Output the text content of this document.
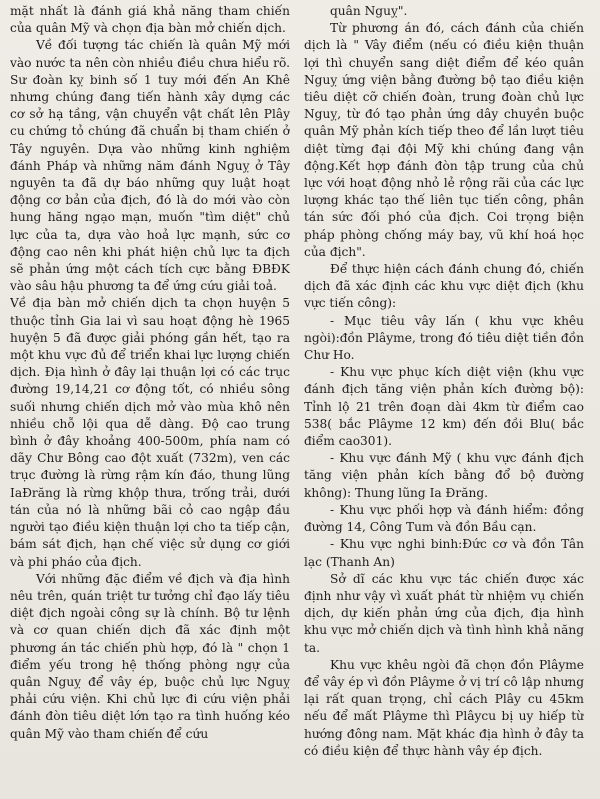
mặt nhất là đánh giá khả năng tham chiến của quân Mỹ và chọn địa bàn mở chiến dịch.

Về đối tượng tác chiến là quân Mỹ mới vào nước ta nên còn nhiều điều chưa hiểu rõ. Sư đoàn kỵ binh số 1 tuy mới đến An Khê nhưng chúng đang tiến hành xây dựng các cơ sở hạ tầng, vận chuyển vật chất lên Plây cu chứng tỏ chúng đã chuẩn bị tham chiến ở Tây nguyên. Dựa vào những kinh nghiệm đánh Pháp và những năm đánh Nguỵ ở Tây nguyên ta đã dự báo những quy luật hoạt động cơ bản của địch, đó là do mới vào còn hung hăng ngạo mạn, muốn "tìm diệt" chủ lực của ta, dựa vào hoả lực mạnh, sức cơ động cao nên khi phát hiện chủ lực ta địch sẽ phản ứng một cách tích cực bằng ĐBĐK vào sâu hậu phương ta để ứng cứu giải toả.

Về địa bàn mở chiến dịch ta chọn huyện 5 thuộc tỉnh Gia lai vì sau hoạt động hè 1965 huyện 5 đã được giải phóng gần hết, tạo ra một khu vực đủ để triển khai lực lượng chiến dịch. Địa hình ở đây lại thuận lợi có các trục đường 19,14,21 cơ động tốt, có nhiều sông suối nhưng chiến dịch mở vào mùa khô nên nhiều chỗ lội qua dễ dàng. Độ cao trung bình ở đây khoảng 400-500m, phía nam có dãy Chư Bông cao đột xuất (732m), ven các trục đường là rừng rậm kín đáo, thung lũng IaĐrăng là rừng khộp thưa, trống trải, dưới tán của nó là những bãi cỏ cao ngập đầu người tạo điều kiện thuận lợi cho ta tiếp cận, bám sát địch, hạn chế việc sử dụng cơ giới và phi pháo của địch.

Với những đặc điểm về địch và địa hình nêu trên, quán triệt tư tưởng chỉ đạo lấy tiêu diệt địch ngoài công sự là chính. Bộ tư lệnh và cơ quan chiến dịch đã xác định một phương án tác chiến phù hợp, đó là " chọn 1 điểm yếu trong hệ thống phòng ngự của quân Nguỵ để vây ép, buộc chủ lực Nguỵ phải cứu viện. Khi chủ lực đi cứu viện phải đánh đòn tiêu diệt lớn tạo ra tình huống kéo quân Mỹ vào tham chiến để cứu

quân Nguỵ".

Từ phương án đó, cách đánh của chiến dịch là " Vây điểm (nếu có điều kiện thuận lợi thì chuyển sang diệt điểm để kéo quân Nguỵ ứng viện bằng đường bộ tạo điều kiện tiêu diệt cỡ chiến đoàn, trung đoàn chủ lực Nguỵ, từ đó tạo phản ứng dây chuyền buộc quân Mỹ phản kích tiếp theo để lần lượt tiêu diệt từng đại đội Mỹ khi chúng đang vận động.Kết hợp đánh đòn tập trung của chủ lực với hoạt động nhỏ lẻ rộng rãi của các lực lượng khác tạo thế liên tục tiến công, phân tán sức đối phó của địch. Coi trọng biện pháp phòng chống máy bay, vũ khí hoá học của địch".

Để thực hiện cách đánh chung đó, chiến dịch đã xác định các khu vực diệt địch (khu vực tiến công):

- Mục tiêu vây lấn ( khu vực khêu ngòi):đồn Plâyme, trong đó tiêu diệt tiền đồn Chư Ho.

- Khu vực phục kích diệt viện (khu vực đánh địch tăng viện phản kích đường bộ): Tỉnh lộ 21 trên đoạn dài 4km từ điểm cao 538( bắc Plâyme 12 km) đến đồi Blu( bắc điểm cao301).

- Khu vực đánh Mỹ ( khu vực đánh địch tăng viện phản kích bằng đổ bộ đường không): Thung lũng Ia Đrăng.

- Khu vực phối hợp và đánh hiểm: đồng đường 14, Công Tum và đồn Bầu cạn.

- Khu vực nghi binh:Đức cơ và đồn Tân lạc (Thanh An)

Sở dĩ các khu vực tác chiến được xác định như vậy vì xuất phát từ nhiệm vụ chiến dịch, dự kiến phản ứng của địch, địa hình khu vực mở chiến dịch và tình hình khả năng ta.

Khu vực khêu ngòi đã chọn đồn Plâyme để vây ép vì đồn Plâyme ở vị trí cô lập nhưng lại rất quan trọng, chỉ cách Plây cu 45km nếu để mất Plâyme thì Plâycu bị uy hiếp từ hướng đông nam. Mặt khác địa hình ở đây ta có điều kiện để thực hành vây ép địch.
